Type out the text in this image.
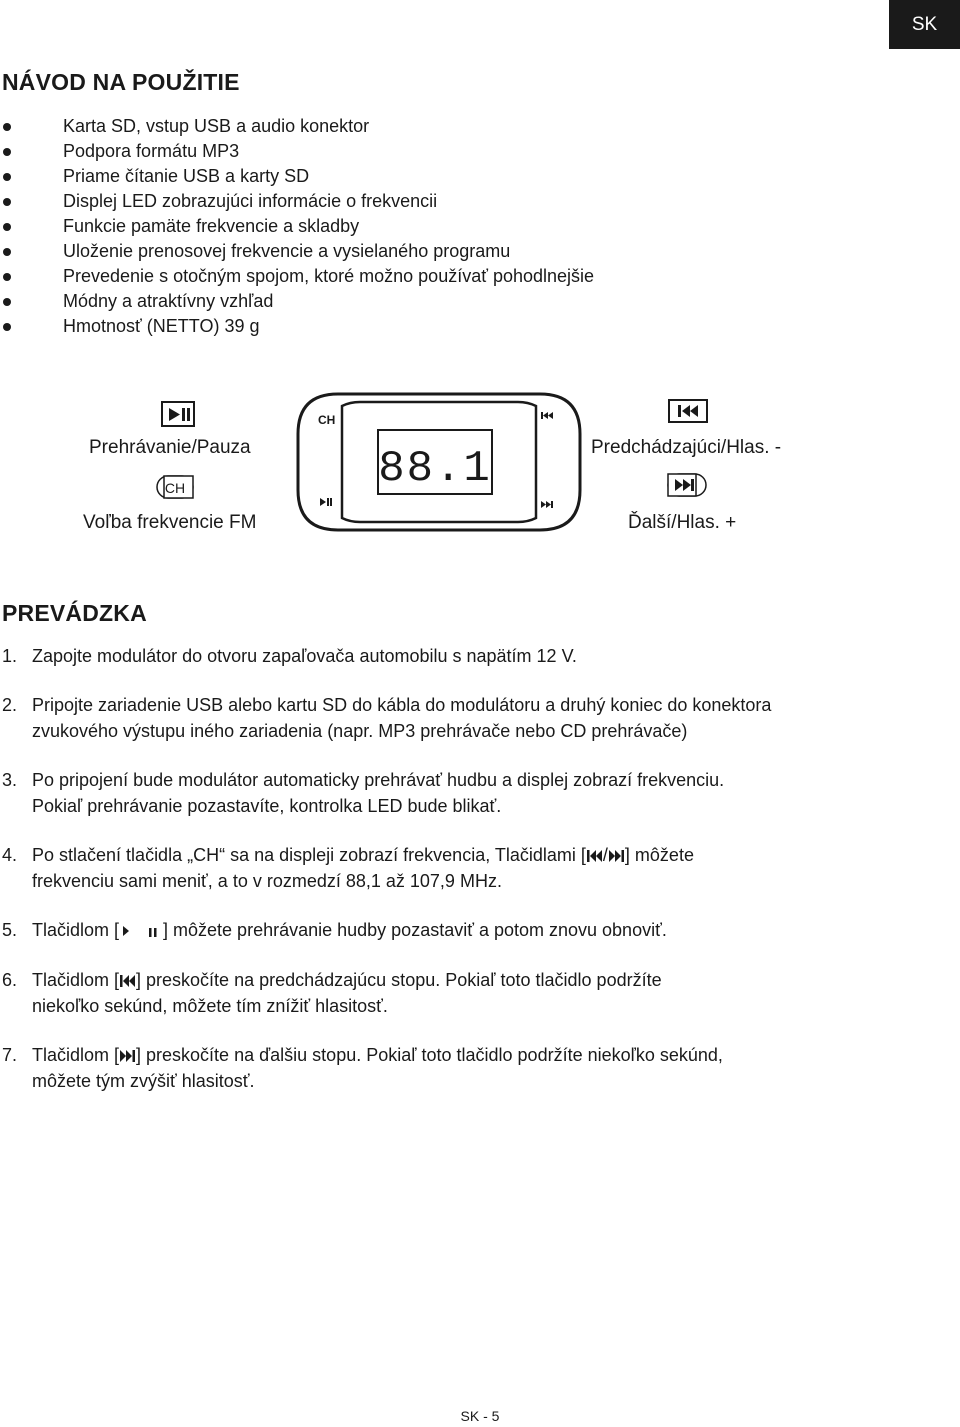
SK
NÁVOD NA POUŽITIE
Karta SD, vstup USB a audio konektor
Podpora formátu MP3
Priame čítanie USB a karty SD
Displej LED zobrazujúci informácie o frekvencii
Funkcie pamäte frekvencie a skladby
Uloženie prenosovej frekvencie a vysielaného programu
Prevedenie s otočným spojom, ktoré možno používať pohodlnejšie
Módny a atraktívny vzhľad
Hmotnosť (NETTO) 39 g
Prehrávanie/Pauza
CH
Voľba frekvencie FM
88.1
CH
Predchádzajúci/Hlas. -
Ďalší/Hlas. +
PREVÁDZKA
1. Zapojte modulátor do otvoru zapaľovača automobilu s napätím 12 V.
2. Pripojte zariadenie USB alebo kartu SD do kábla do modulátoru a druhý koniec do konektora
zvukového výstupu iného zariadenia (napr. MP3 prehrávače nebo CD prehrávače)
3. Po pripojení bude modulátor automaticky prehrávať hudbu a displej zobrazí frekvenciu.
Pokiaľ prehrávanie pozastavíte, kontrolka LED bude blikať.
4. Po stlačení tlačidla „CH“ sa na displeji zobrazí frekvencia, Tlačidlami [ / ] môžete
frekvenciu sami meniť, a to v rozmedzí 88,1 až 107,9 MHz.
5. Tlačidlom [ ] môžete prehrávanie hudby pozastaviť a potom znovu obnoviť.
6. Tlačidlom [ ] preskočíte na predchádzajúcu stopu. Pokiaľ toto tlačidlo podržíte
niekoľko sekúnd, môžete tím znížiť hlasitosť.
7. Tlačidlom [ ] preskočíte na ďalšiu stopu. Pokiaľ toto tlačidlo podržíte niekoľko sekúnd,
môžete tým zvýšiť hlasitosť.
SK - 5
